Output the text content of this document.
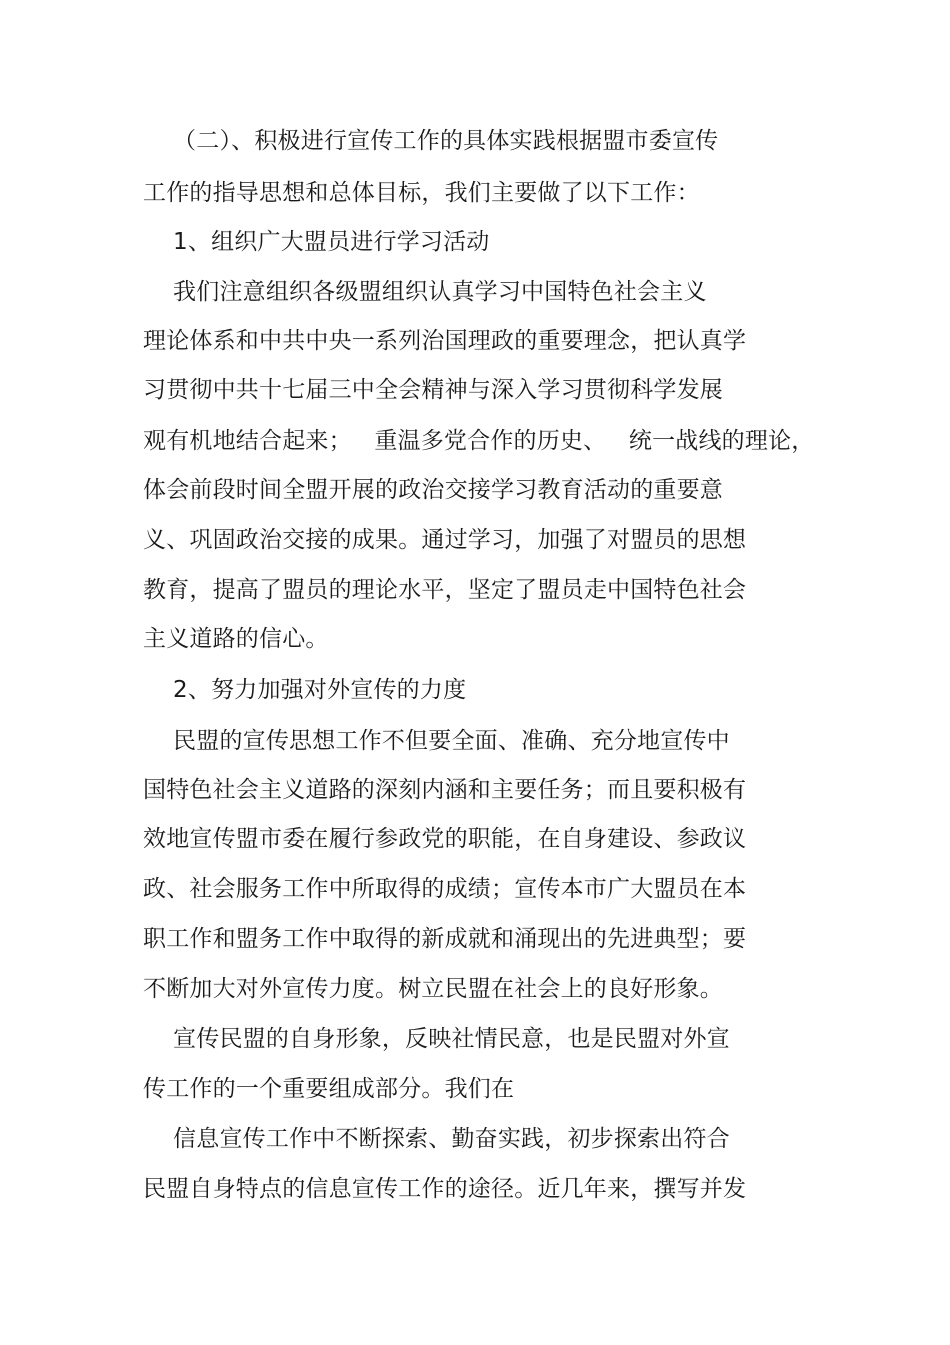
（二）、积极进行宣传工作的具体实践根据盟市委宣传
工作的指导思想和总体目标，我们主要做了以下工作：
1、组织广大盟员进行学习活动
我们注意组织各级盟组织认真学习中国特色社会主义
理论体系和中共中央一系列治国理政的重要理念，把认真学
习贯彻中共十七届三中全会精神与深入学习贯彻科学发展
观有机地结合起来；   重温多党合作的历史、   统一战线的理论，
体会前段时间全盟开展的政治交接学习教育活动的重要意
义、巩固政治交接的成果。通过学习，加强了对盟员的思想
教育，提高了盟员的理论水平，坚定了盟员走中国特色社会
主义道路的信心。
2、努力加强对外宣传的力度
民盟的宣传思想工作不但要全面、准确、充分地宣传中
国特色社会主义道路的深刻内涵和主要任务；而且要积极有
效地宣传盟市委在履行参政党的职能，在自身建设、参政议
政、社会服务工作中所取得的成绩；宣传本市广大盟员在本
职工作和盟务工作中取得的新成就和涌现出的先进典型；要
不断加大对外宣传力度。树立民盟在社会上的良好形象。
宣传民盟的自身形象，反映社情民意，也是民盟对外宣
传工作的一个重要组成部分。我们在
信息宣传工作中不断探索、勤奋实践，初步探索出符合
民盟自身特点的信息宣传工作的途径。近几年来，撰写并发
